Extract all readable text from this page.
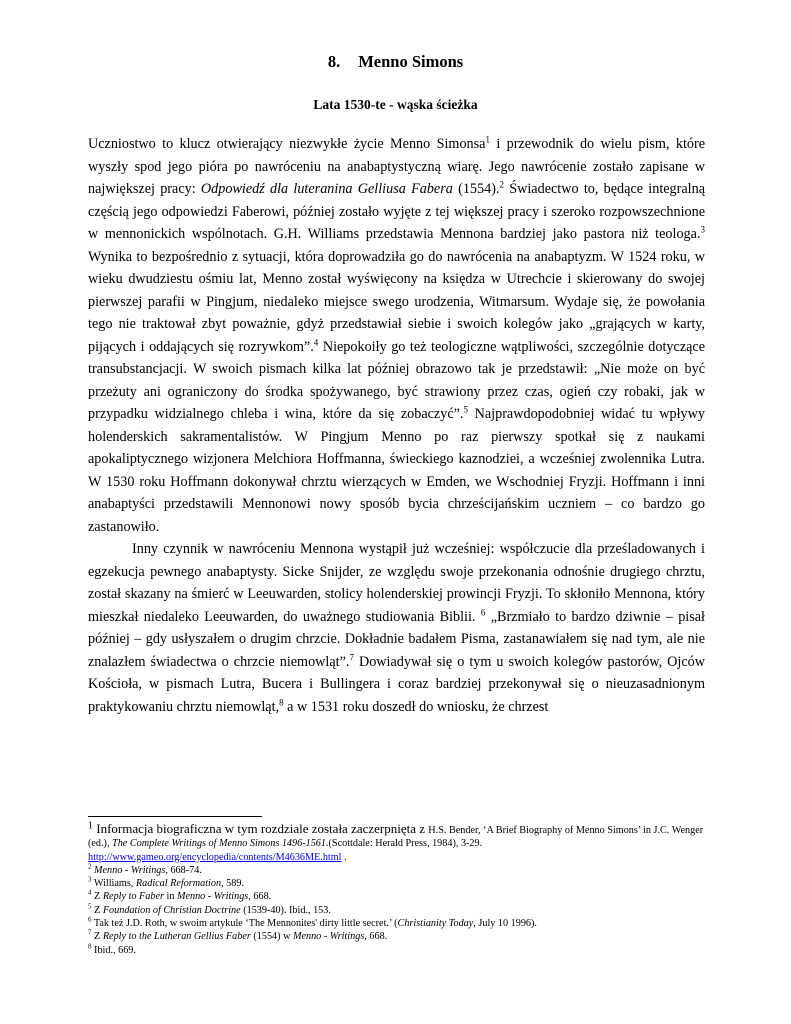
8. Menno Simons
Lata 1530-te - wąska ścieżka

Uczniostwo to klucz otwierający niezwykłe życie Menno Simonsa$^1$ i przewodnik do wielu pism, które wyszły spod jego pióra po nawróceniu na anabaptystyczną wiarę. Jego nawrócenie zostało zapisane w największej pracy: Odpowiedź dla luteranina Gelliusa Fabera (1554).$^2$ Świadectwo to, będące integralną częścią jego odpowiedzi Faberowi, później zostało wyjęte z tej większej pracy i szeroko rozpowszechnione w mennonickich wspólnotach. G.H. Williams przedstawia Mennona bardziej jako pastora niż teologa.$^3$ Wynika to bezpośrednio z sytuacji, która doprowadziła go do nawrócenia na anabaptyzm. W 1524 roku, w wieku dwudziestu ośmiu lat, Menno został wyświęcony na księdza w Utrechcie i skierowany do swojej pierwszej parafii w Pingjum, niedaleko miejsce swego urodzenia, Witmarsum. Wydaje się, że powołania tego nie traktował zbyt poważnie, gdyż przedstawiał siebie i swoich kolegów jako „grających w karty, pijących i oddających się rozrywkom”.$^4$ Niepokoiły go też teologiczne wątpliwości, szczególnie dotyczące transubstancjacji. W swoich pismach kilka lat później obrazowo tak je przedstawił: „Nie może on być przeżuty ani ograniczony do środka spożywanego, być strawiony przez czas, ogień czy robaki, jak w przypadku widzialnego chleba i wina, które da się zobaczyć”.$^5$ Najprawdopodobniej widać tu wpływy holenderskich sakramentalistów. W Pingjum Menno po raz pierwszy spotkał się z naukami apokaliptycznego wizjonera Melchiora Hoffmanna, świeckiego kaznodziei, a wcześniej zwolennika Lutra. W 1530 roku Hoffmann dokonywał chrztu wierzących w Emden, we Wschodniej Fryzji. Hoffmann i inni anabaptyści przedstawili Mennonowi nowy sposób bycia chrześcijańskim uczniem – co bardzo go zastanowiło.

Inny czynnik w nawróceniu Mennona wystąpił już wcześniej: współczucie dla prześladowanych i egzekucja pewnego anabaptysty. Sicke Snijder, ze względu swoje przekonania odnośnie drugiego chrztu, został skazany na śmierć w Leeuwarden, stolicy holenderskiej prowincji Fryzji. To skłoniło Mennona, który mieszkał niedaleko Leeuwarden, do uważnego studiowania Biblii. $^6$ „Brzmiało to bardzo dziwnie – pisał później – gdy usłyszałem o drugim chrzcie. Dokładnie badałem Pisma, zastanawiałem się nad tym, ale nie znalazłem świadectwa o chrzcie niemowląt”.$^7$ Dowiadywał się o tym u swoich kolegów pastorów, Ojców Kościoła, w pismach Lutra, Bucera i Bullingera i coraz bardziej przekonywał się o nieuzasadnionym praktykowaniu chrztu niemowląt,$^8$ a w 1531 roku doszedł do wniosku, że chrzest

1 Informacja biograficzna w tym rozdziale została zaczerpnięta z H.S. Bender, ‘A Brief Biography of Menno Simons’ in J.C. Wenger (ed.), The Complete Writings of Menno Simons 1496-1561.(Scottdale: Herald Press, 1984), 3-29. http://www.gameo.org/encyclopedia/contents/M4636ME.html .

$^2$ Menno - Writings, 668-74.

$^3$ Williams, Radical Reformation, 589.

$^4$ Z Reply to Faber in Menno - Writings, 668.

$^5$ Z Foundation of Christian Doctrine (1539-40). Ibid., 153.

$^6$ Tak też J.D. Roth, w swoim artykule ‘The Mennonites' dirty little secret.’ (Christianity Today, July 10 1996).

$^7$ Z Reply to the Lutheran Gellius Faber (1554) w Menno - Writings, 668.

$^8$ Ibid., 669.
